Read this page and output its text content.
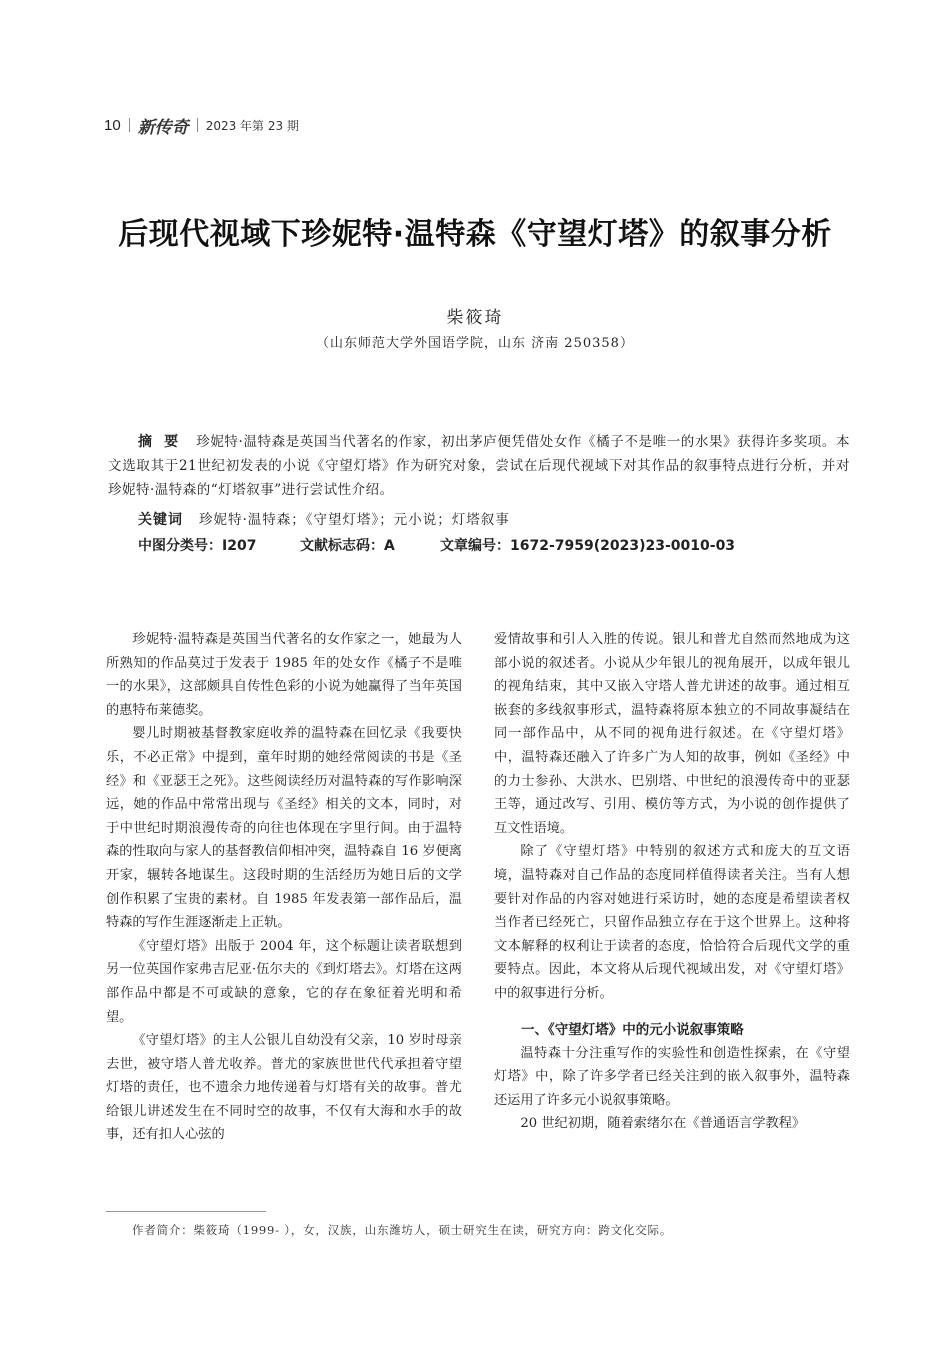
10 新传奇 2023 年第 23 期
后现代视域下珍妮特·温特森《守望灯塔》的叙事分析
柴筱琦
（山东师范大学外国语学院，山东 济南 250358）

摘要 珍妮特·温特森是英国当代著名的作家，初出茅庐便凭借处女作《橘子不是唯一的水果》获得许多奖项。本文选取其于21世纪初发表的小说《守望灯塔》作为研究对象，尝试在后现代视域下对其作品的叙事特点进行分析，并对珍妮特·温特森的“灯塔叙事”进行尝试性介绍。

关键词 珍妮特·温特森；《守望灯塔》；元小说；灯塔叙事
中图分类号：I207	文献标志码：A	文章编号：1672-7959(2023)23-0010-03

珍妮特·温特森是英国当代著名的女作家之一，她最为人所熟知的作品莫过于发表于 1985 年的处女作《橘子不是唯一的水果》，这部颇具自传性色彩的小说为她赢得了当年英国的惠特布莱德奖。

婴儿时期被基督教家庭收养的温特森在回忆录《我要快乐，不必正常》中提到，童年时期的她经常阅读的书是《圣经》和《亚瑟王之死》。这些阅读经历对温特森的写作影响深远，她的作品中常常出现与《圣经》相关的文本，同时，对于中世纪时期浪漫传奇的向往也体现在字里行间。由于温特森的性取向与家人的基督教信仰相冲突，温特森自 16 岁便离开家，辗转各地谋生。这段时期的生活经历为她日后的文学创作积累了宝贵的素材。自 1985 年发表第一部作品后，温特森的写作生涯逐渐走上正轨。

《守望灯塔》出版于 2004 年，这个标题让读者联想到另一位英国作家弗吉尼亚·伍尔夫的《到灯塔去》。灯塔在这两部作品中都是不可或缺的意象，它的存在象征着光明和希望。

《守望灯塔》的主人公银儿自幼没有父亲，10 岁时母亲去世，被守塔人普尤收养。普尤的家族世世代代承担着守望灯塔的责任，也不遗余力地传递着与灯塔有关的故事。普尤给银儿讲述发生在不同时空的故事，不仅有大海和水手的故事，还有扣人心弦的

爱情故事和引人入胜的传说。银儿和普尤自然而然地成为这部小说的叙述者。小说从少年银儿的视角展开，以成年银儿的视角结束，其中又嵌入守塔人普尤讲述的故事。通过相互嵌套的多线叙事形式，温特森将原本独立的不同故事凝结在同一部作品中，从不同的视角进行叙述。在《守望灯塔》中，温特森还融入了许多广为人知的故事，例如《圣经》中的力士参孙、大洪水、巴别塔、中世纪的浪漫传奇中的亚瑟王等，通过改写、引用、模仿等方式，为小说的创作提供了互文性语境。

除了《守望灯塔》中特别的叙述方式和庞大的互文语境，温特森对自己作品的态度同样值得读者关注。当有人想要针对作品的内容对她进行采访时，她的态度是希望读者权当作者已经死亡，只留作品独立存在于这个世界上。这种将文本解释的权利让于读者的态度，恰恰符合后现代文学的重要特点。因此，本文将从后现代视域出发，对《守望灯塔》中的叙事进行分析。

一、《守望灯塔》中的元小说叙事策略

温特森十分注重写作的实验性和创造性探索，在《守望灯塔》中，除了许多学者已经关注到的嵌入叙事外，温特森还运用了许多元小说叙事策略。

20 世纪初期，随着索绪尔在《普通语言学教程》

作者简介：柴筱琦（1999- ），女，汉族，山东潍坊人，硕士研究生在读，研究方向：跨文化交际。
